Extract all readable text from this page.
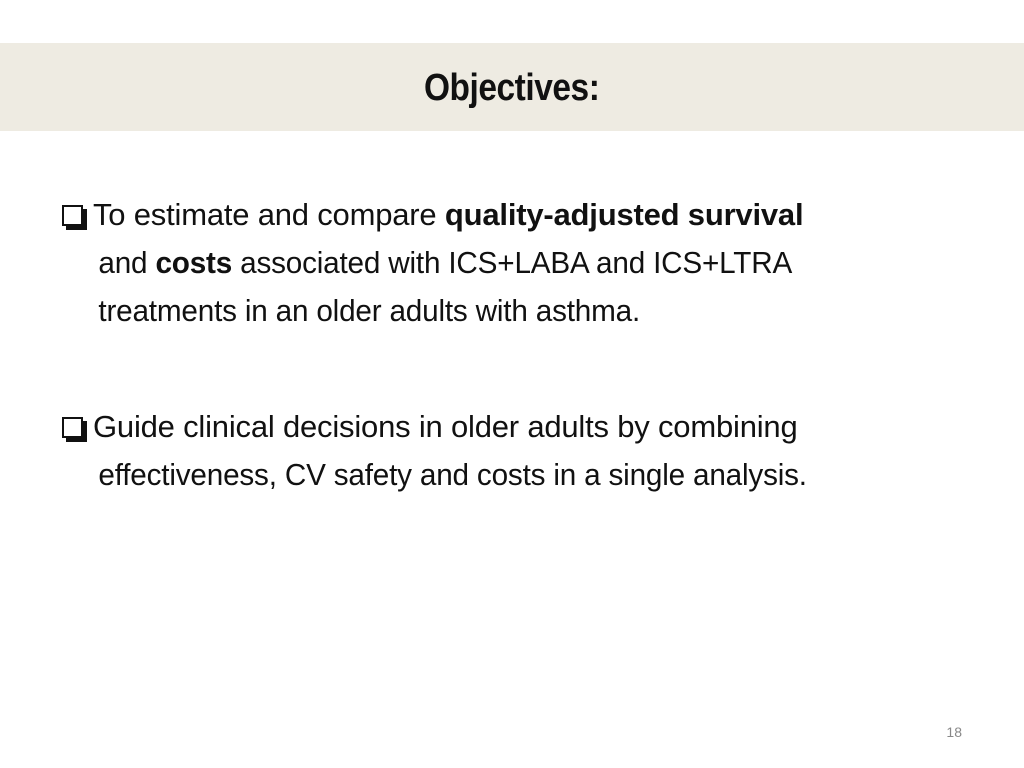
Objectives:
To estimate and compare quality-adjusted survival
and costs associated with ICS+LABA and ICS+LTRA
treatments in an older adults with asthma.
Guide clinical decisions in older adults by combining
effectiveness, CV safety and costs in a single analysis.
18
